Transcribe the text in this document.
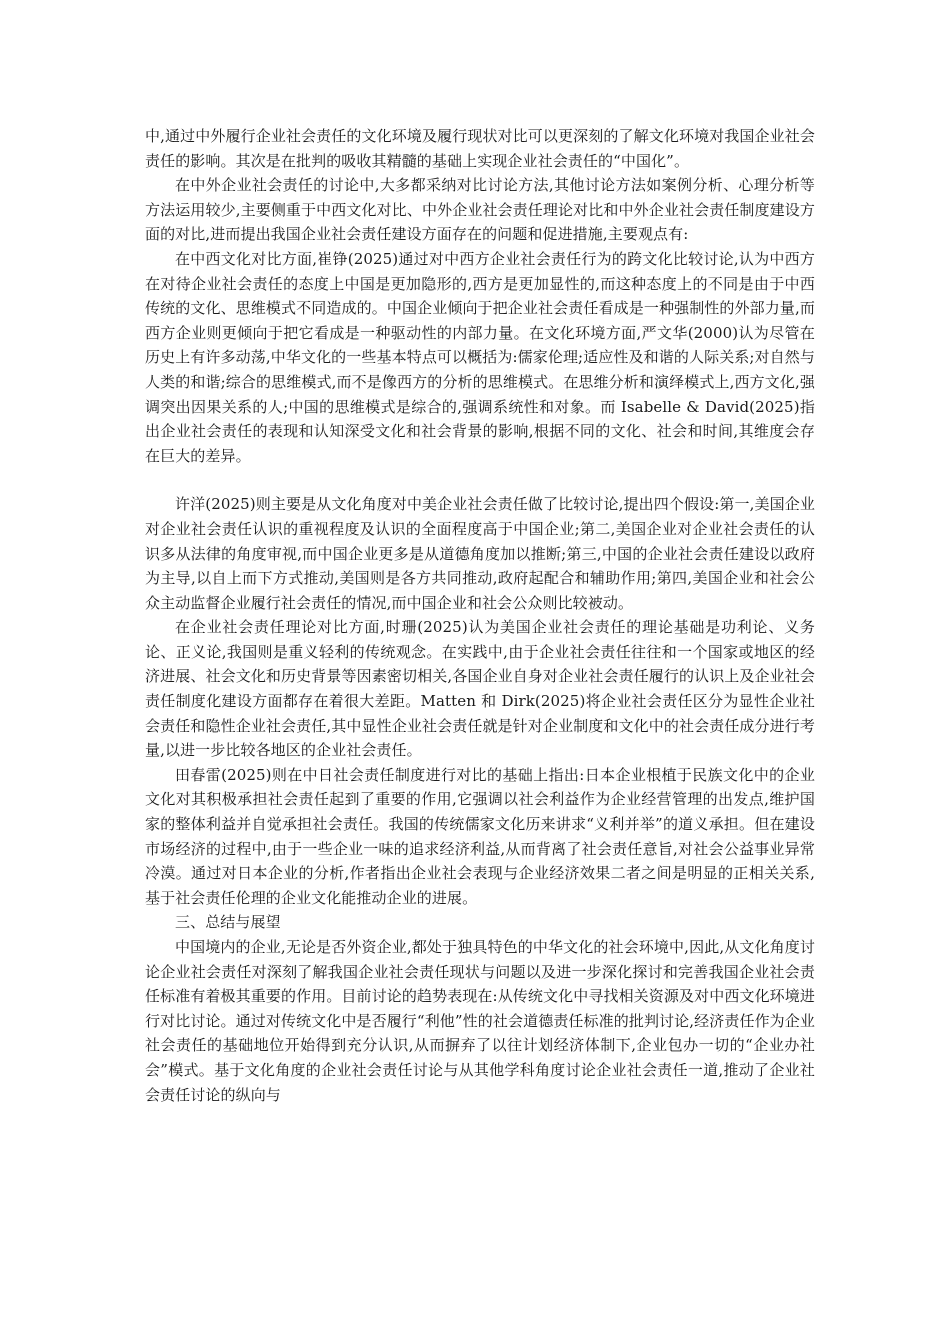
中,通过中外履行企业社会责任的文化环境及履行现状对比可以更深刻的了解文化环境对我国企业社会责任的影响。其次是在批判的吸收其精髓的基础上实现企业社会责任的“中国化”。

在中外企业社会责任的讨论中,大多都采纳对比讨论方法,其他讨论方法如案例分析、心理分析等方法运用较少,主要侧重于中西文化对比、中外企业社会责任理论对比和中外企业社会责任制度建设方面的对比,进而提出我国企业社会责任建设方面存在的问题和促进措施,主要观点有:

在中西文化对比方面,崔铮(2025)通过对中西方企业社会责任行为的跨文化比较讨论,认为中西方在对待企业社会责任的态度上中国是更加隐形的,西方是更加显性的,而这种态度上的不同是由于中西传统的文化、思维模式不同造成的。中国企业倾向于把企业社会责任看成是一种强制性的外部力量,而西方企业则更倾向于把它看成是一种驱动性的内部力量。在文化环境方面,严文华(2000)认为尽管在历史上有许多动荡,中华文化的一些基本特点可以概括为:儒家伦理;适应性及和谐的人际关系;对自然与人类的和谐;综合的思维模式,而不是像西方的分析的思维模式。在思维分析和演绎模式上,西方文化,强调突出因果关系的人;中国的思维模式是综合的,强调系统性和对象。而 Isabelle & David(2025)指出企业社会责任的表现和认知深受文化和社会背景的影响,根据不同的文化、社会和时间,其维度会存在巨大的差异。

许洋(2025)则主要是从文化角度对中美企业社会责任做了比较讨论,提出四个假设:第一,美国企业对企业社会责任认识的重视程度及认识的全面程度高于中国企业;第二,美国企业对企业社会责任的认识多从法律的角度审视,而中国企业更多是从道德角度加以推断;第三,中国的企业社会责任建设以政府为主导,以自上而下方式推动,美国则是各方共同推动,政府起配合和辅助作用;第四,美国企业和社会公众主动监督企业履行社会责任的情况,而中国企业和社会公众则比较被动。

在企业社会责任理论对比方面,时珊(2025)认为美国企业社会责任的理论基础是功利论、义务论、正义论,我国则是重义轻利的传统观念。在实践中,由于企业社会责任往往和一个国家或地区的经济进展、社会文化和历史背景等因素密切相关,各国企业自身对企业社会责任履行的认识上及企业社会责任制度化建设方面都存在着很大差距。Matten 和 Dirk(2025)将企业社会责任区分为显性企业社会责任和隐性企业社会责任,其中显性企业社会责任就是针对企业制度和文化中的社会责任成分进行考量,以进一步比较各地区的企业社会责任。

田春雷(2025)则在中日社会责任制度进行对比的基础上指出:日本企业根植于民族文化中的企业文化对其积极承担社会责任起到了重要的作用,它强调以社会利益作为企业经营管理的出发点,维护国家的整体利益并自觉承担社会责任。我国的传统儒家文化历来讲求“义利并举”的道义承担。但在建设市场经济的过程中,由于一些企业一味的追求经济利益,从而背离了社会责任意旨,对社会公益事业异常冷漠。通过对日本企业的分析,作者指出企业社会表现与企业经济效果二者之间是明显的正相关关系,基于社会责任伦理的企业文化能推动企业的进展。

三、总结与展望

中国境内的企业,无论是否外资企业,都处于独具特色的中华文化的社会环境中,因此,从文化角度讨论企业社会责任对深刻了解我国企业社会责任现状与问题以及进一步深化探讨和完善我国企业社会责任标准有着极其重要的作用。目前讨论的趋势表现在:从传统文化中寻找相关资源及对中西文化环境进行对比讨论。通过对传统文化中是否履行“利他”性的社会道德责任标准的批判讨论,经济责任作为企业社会责任的基础地位开始得到充分认识,从而摒弃了以往计划经济体制下,企业包办一切的“企业办社会”模式。基于文化角度的企业社会责任讨论与从其他学科角度讨论企业社会责任一道,推动了企业社会责任讨论的纵向与
